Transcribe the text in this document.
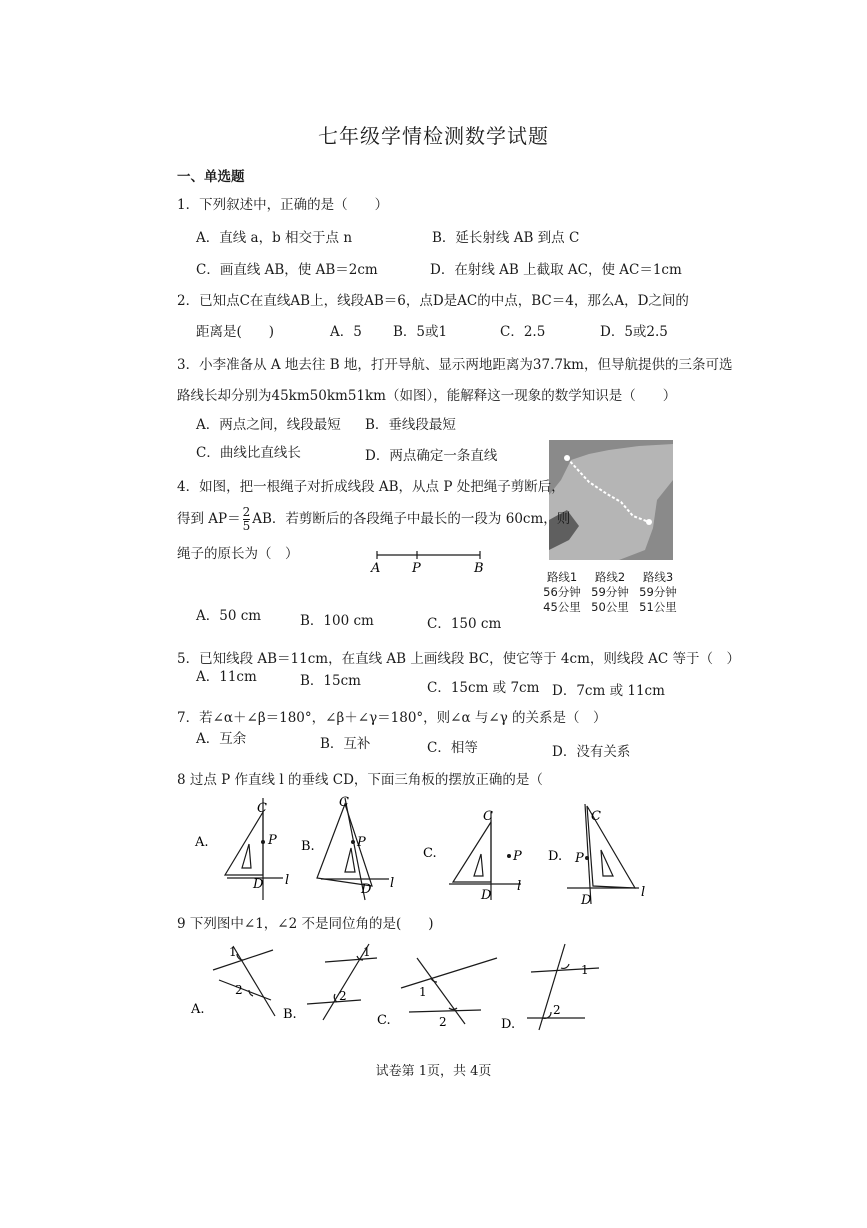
七年级学情检测数学试题
一、单选题
1．下列叙述中，正确的是（　　）
A．直线 a，b 相交于点 n	B．延长射线 AB 到点 C
C．画直线 AB，使 AB＝2cm	D．在射线 AB 上截取 AC，使 AC＝1cm
2．已知点C在直线AB上，线段AB＝6，点D是AC的中点，BC＝4，那么A，D之间的
距离是(　　)	A．5 B．5或1	C．2.5	D．5或2.5
3．小李准备从 A 地去往 B 地，打开导航、显示两地距离为37.7km，但导航提供的三条可选
路线长却分别为45km50km51km（如图），能解释这一现象的数学知识是（　　）
A．两点之间，线段最短 B．垂线段最短
C．曲线比直线长	D．两点确定一条直线
路线1
56分钟
45公里
路线2
59分钟
50公里
路线3
59分钟
51公里
4．如图，把一根绳子对折成线段 AB，从点 P 处把绳子剪断后，
得到 $AP= \frac{2}{5}$ AB．若剪断后的各段绳子中最长的一段为 60cm，则
绳子的原长为（　）
A P	B
A．50 cm	B．100 cm	C．150 cm
5．已知线段 AB＝11cm，在直线 AB 上画线段 BC，使它等于 4cm，则线段 AC 等于（　）
A．11cm	B．15cm	C．15cm 或 7cm D．7cm 或 11cm
7．若∠α＋∠β＝180°，∠β＋∠γ＝180°，则∠α 与∠γ 的关系是（　）
A．互余	B．互补	C．相等	D．没有关系
8 过点 P 作直线 l 的垂线 CD，下面三角板的摆放正确的是（
A.
C
P
D l
B.
C
P
D l
C.
C
P
D
l
D.
C
P
D
l
9 下列图中∠1，∠2 不是同位角的是(　　)
A.
1
2
B.
1
2
C.
1
2	D.
1
2
试卷第 1页，共 4页
